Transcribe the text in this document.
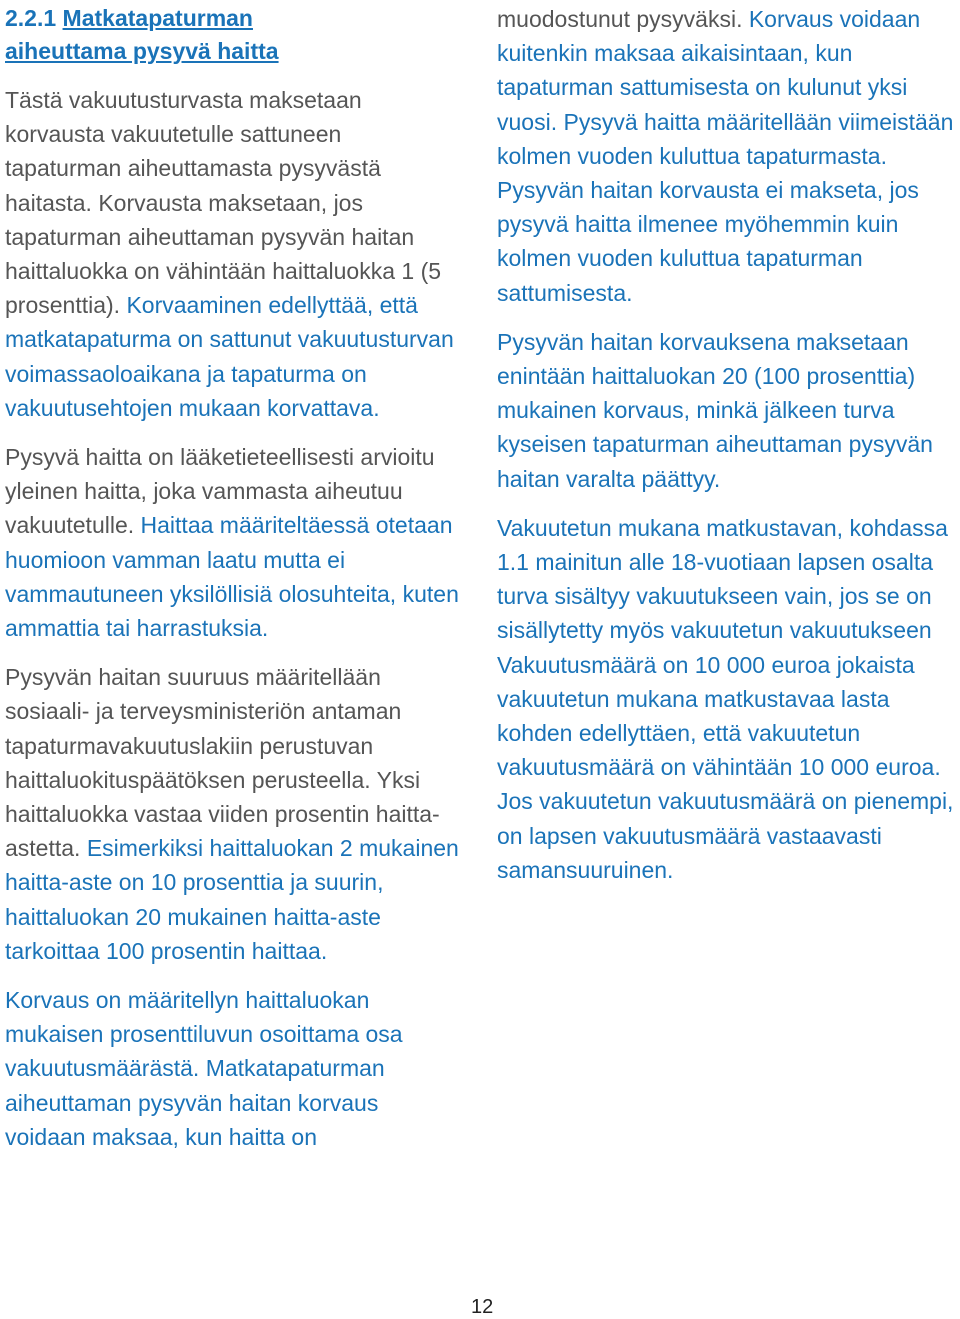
2.2.1 Matkatapaturman
aiheuttama pysyvä haitta

Tästä vakuutusturvasta maksetaan korvausta vakuutetulle sattuneen tapaturman aiheuttamasta pysyvästä haitasta. Korvausta maksetaan, jos tapaturman aiheuttaman pysyvän haitan haittaluokka on vähintään haittaluokka 1 (5 prosenttia). Korvaaminen edellyttää, että matkatapaturma on sattunut vakuutusturvan voimassaoloaikana ja tapaturma on vakuutusehtojen mukaan korvattava.

Pysyvä haitta on lääketieteellisesti arvioitu yleinen haitta, joka vammasta aiheutuu vakuutetulle. Haittaa määriteltäessä otetaan huomioon vamman laatu mutta ei vammautuneen yksilöllisiä olosuhteita, kuten ammattia tai harrastuksia.

Pysyvän haitan suuruus määritellään sosiaali- ja terveysministeriön antaman tapaturmavakuutuslakiin perustuvan haittaluokituspäätöksen perusteella. Yksi haittaluokka vastaa viiden prosentin haitta-astetta. Esimerkiksi haittaluokan 2 mukainen haitta-aste on 10 prosenttia ja suurin, haittaluokan 20 mukainen haitta-aste tarkoittaa 100 prosentin haittaa.

Korvaus on määritellyn haittaluokan mukaisen prosenttiluvun osoittama osa vakuutusmäärästä. Matkatapaturman aiheuttaman pysyvän haitan korvaus voidaan maksaa, kun haitta on

muodostunut pysyväksi. Korvaus voidaan kuitenkin maksaa aikaisintaan, kun tapaturman sattumisesta on kulunut yksi vuosi. Pysyvä haitta määritellään viimeistään kolmen vuoden kuluttua tapaturmasta. Pysyvän haitan korvausta ei makseta, jos pysyvä haitta ilmenee myöhemmin kuin kolmen vuoden kuluttua tapaturman sattumisesta.

Pysyvän haitan korvauksena maksetaan enintään haittaluokan 20 (100 prosenttia) mukainen korvaus, minkä jälkeen turva kyseisen tapaturman aiheuttaman pysyvän haitan varalta päättyy.

Vakuutetun mukana matkustavan, kohdassa 1.1 mainitun alle 18-vuotiaan lapsen osalta turva sisältyy vakuutukseen vain, jos se on sisällytetty myös vakuutetun vakuutukseen Vakuutusmäärä on 10 000 euroa jokaista vakuutetun mukana matkustavaa lasta kohden edellyttäen, että vakuutetun vakuutusmäärä on vähintään 10 000 euroa. Jos vakuutetun vakuutusmäärä on pienempi, on lapsen vakuutusmäärä vastaavasti samansuuruinen.

12
